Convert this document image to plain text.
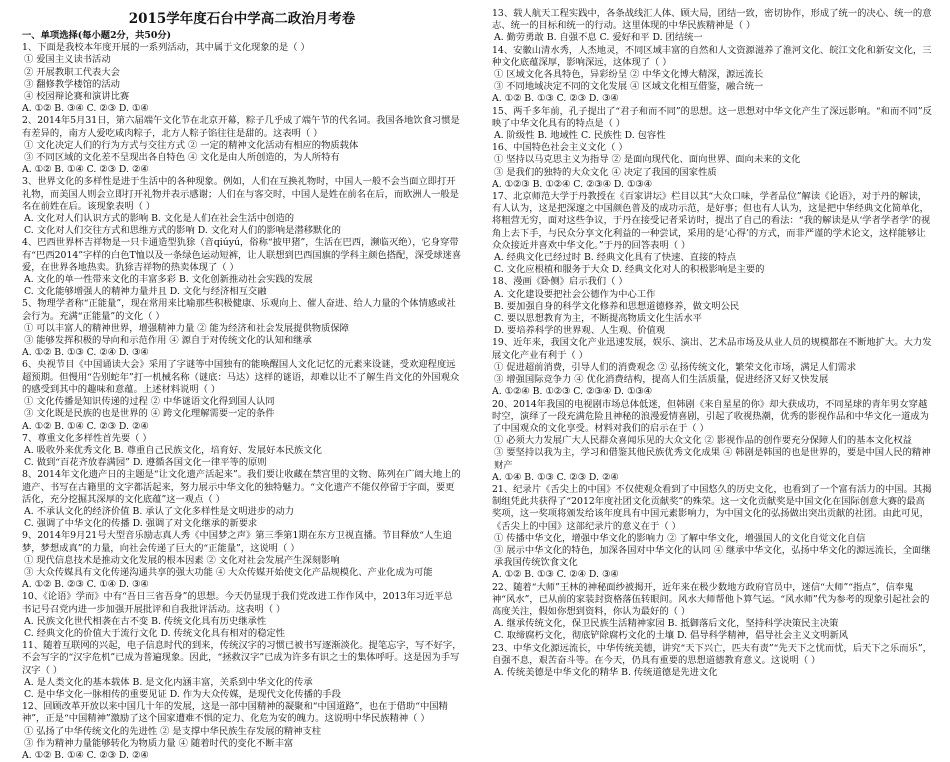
2015学年度石台中学高二政治月考卷
一、单项选择(每小题2分，共50分)
1、下面是我校本年度开展的一系列活动，其中属于文化现象的是（ ）
① 爱国主义读书活动
② 开展教职工代表大会
③ 翻修教学楼馆的活动
④ 校园辩论赛和演讲比赛
A. ①② B. ③④ C. ②③ D. ①④
2、2014年5月31日，第六届端午文化节在北京开幕，粽子几乎成了端午节的代名词。我国各地饮食习惯是有差异的，南方人爱吃咸肉粽子，北方人粽子馅往往是甜的。这表明（ ）
① 文化决定人们的行为方式与交往方式 ② 一定的精神文化活动有相应的物质载体
③ 不同区域的文化差不呈现出各自特色 ④ 文化是由人所创造的，为人所特有
A. ①② B. ①④ C. ②③ D. ②④
3、世界文化的多样性是进于生活中的各种现象。例如，人们在互换礼物时，中国人一般不会当面立即打开礼物，而美国人则会立即打开礼物并表示感谢；人们在与客交时，中国人是姓在前名在后，而欧洲人一般是名在前姓在后。该现象表明（ ）
A. 文化对人们认识方式的影响 B. 文化是人们在社会生活中创造的
C. 文化对人们交往方式和思维方式的影响 D. 文化对人们的影响是潜移默化的
4、巴西世界杯吉祥物是一只卡通造型犰狳（音qiúyú，俗称“披甲猪”，生活在巴西，濒临灭绝），它身穿带有“巴西2014”字样的白色T恤以及一条绿色运动短裤，让人联想到巴西国旗的学科主颜色搭配，深受球迷喜爱，在世界各地热卖。犰狳吉祥物的热卖体现了（ ）
A. 文化的单一性带来文化的丰富多彩 B. 文化创新推动社会实践的发展
C. 文化能够增强人的精神力量并且 D. 文化与经济相互交融
5、物理学者称“正能量”，现在常用来比喻那些积极健康、乐观向上、催人奋进、给人力量的个体情感或社会行为。充满“正能量”的文化（ ）
① 可以丰富人的精神世界，增强精神力量 ② 能为经济和社会发展提供物质保障
③ 能够发挥积极的导向和示范作用 ④ 源自于对传统文化的认知和继承
A. ①② B. ①③ C. ②④ D. ③④
6、央视节目《中国诵读大会》采用了字谜等中国独有的能唤醒国人文化记忆的元素来设谜，受欢迎程度远超预期。但慢用“告别蛇年”打一机械名称（谜底：马达）这样的谜语，却难以让不了解生肖文化的外国观众的感受到其中的趣味和意蕴。上述材料说明（ ）
① 文化传播是知识传递的过程 ② 中华谜语文化得到国人认同
③ 文化既是民族的也是世界的 ④ 跨文化理解需要一定的条件
A. ①② B. ①④ C. ②③ D. ②④
7、尊重文化多样性首先要（ ）
A. 吸收外来优秀文化 B. 尊重自己民族文化，培育好、发展好本民族文化
C. 做到“百花齐放春满园” D. 遵循各国文化一律平等的原则
8、2014年文化遗产日的主题是“让文化遗产活起来”。我们要让收藏在禁宫里的文物、陈列在广阔大地上的遗产、书写在古籍里的文字都活起来，努力展示中华文化的独特魅力。“文化遗产不能仅停留于字面，要更活化，充分挖掘其深厚的文化底蕴”这一观点（ ）
A. 不承认文化的经济价值 B. 承认了文化多样性是文明进步的动力
C. 强调了中华文化的传播 D. 强调了对文化继承的新要求
9、2014年9月21号大型音乐励志真人秀《中国梦之声》第三季第1期在东方卫视直播。节目释放“人生追梦，梦想成真”的力量，向社会传递了巨大的“正能量”，这说明（ ）
① 现代信息技术是推动文化发展的根本因素 ② 文化对社会发展产生深刻影响
③ 大众传媒具有文化传递沟通共享的强大功能 ④ 大众传媒开始使文化产品规模化、产业化成为可能
A. ①② B. ②③ C. ①④ D. ③④
10、《论语》学而》中有“吾日三省吾身”的思想。今天仍显现于我们党改进工作作风中，2013年习近平总书记号召党内进一步加强开展批评和自我批评活动。这表明（ ）
A. 民族文化世代相袭在古不变 B. 传统文化具有历史继承性
C. 经典文化的价值大于流行文化 D. 传统文化具有相对的稳定性
11、随着互联网的兴起，电子信息时代的到来，传统汉字的习惯已被书写逐渐淡化。提笔忘字，写不好字，不会写字的“汉字危机”已成为普遍现象。因此，“拯救汉字”已成为许多有识之士的集体呼吁。这是因为手写汉字（ ）
A. 是人类文化的基本载体 B. 是文化内涵丰富，关系到中华文化的传承
C. 是中华文化一脉相传的重要见证 D. 作为大众传媒，是现代文化传播的手段
12、回顾改革开放以来中国几十年的发展，这是一部中国精神的凝聚和“中国道路”，也在于借助“中国精神”，正是“中国精神”激励了这个国家遭难不惧的定力、化危为安的魄力。这说明中华民族精神（ ）
① 弘扬了中华传统文化的先进性 ② 是支撑中华民族生存发展的精神支柱
③ 作为精神力量能够转化为物质力量 ④ 随着时代的变化不断丰富
A. ①② B. ①④ C. ②③ D. ②④
13、载人航天工程实践中，各条战线汇人体、顾大局，团结一致，密切协作，形成了统一的决心、统一的意志、统一的目标和统一的行动。这里体现的中华民族精神是（ ）
A. 勤劳勇敢 B. 自强不息 C. 爱好和平 D. 团结统一
14、安徽山清水秀，人杰地灵，不同区域丰富的自然和人文资源滋养了淮河文化、皖江文化和新安文化，三种文化底蕴深厚，影响深远，这体现了（ ）
① 区域文化各具特色，异彩纷呈 ② 中华文化博大精深，源远流长
③ 不同地域决定不同的文化发展 ④ 区域文化相互借鉴，融合统一
A. ①② B. ①③ C. ②③ D. ③④
15、两千多年前，孔子提出了“君子和而不同”的思想。这一思想对中华文化产生了深远影响。“和而不同”反映了中华文化具有的特点是（ ）
A. 阶级性 B. 地域性 C. 民族性 D. 包容性
16、中国特色社会主义文化（ ）
① 坚持以马克思主义为指导 ② 是面向现代化、面向世界、面向未来的文化
③ 是我们的独特的大众文化 ④ 决定了我国的国家性质
A. ①②③ B. ①②④ C. ②③④ D. ①③④
17、北京师范大学于丹教授在《百家讲坛》栏目以其“大众口味，学者品位”解读《论语》，对于丹的解读，有人认为，这是把深邃之中国颜色普及的成功示范，是好事；但也有人认为，这是把中华经典文化简单化，将粗营无穷，面对这些争议，于丹在接受记者采访时，提出了自己的看法：“我的解读是从‘学者学者学’的视角上去下手，与民众分享文化利益的一种尝试，采用的是‘心得’的方式，而非严谨的学术论文，这样能够让众众接近并喜欢中华文化。”于丹的回答表明（ ）
A. 经典文化已经过时 B. 经典文化具有了快速、直接的特点
C. 文化应根植和服务于大众 D. 经典文化对人的积极影响是主要的
18、漫画《卧侧》启示我们（ ）
A. 文化建设要把社会公德作为中心工作
B. 要加强自身的科学文化修养和思想道德修养，做文明公民
C. 要以思想教育为主，不断提高物质文化生活水平
D. 要培养科学的世界观、人生观、价值观
19、近年来，我国文化产业迅速发展，娱乐、演出、艺术品市场及从业人员的规模都在不断地扩大。大力发展文化产业有利于（ ）
① 促进超前消费，引导人们的消费观念 ② 弘扬传统文化，繁荣文化市场，满足人们需求
③ 增强国际竞争力 ④ 优化消费结构，提高人们生活质量，促进经济又好又快发展
A. ①②④ B. ①②③ C. ②③④ D. ①③④
20、2014年我国的电视剧市场总体低迷，但韩剧《来自星星的你》却大获成功，不同星球的青年男女穿越时空，演绎了一段充满危险且神秘的浪漫爱情喜剧，引起了收视热潮，优秀的影视作品和中华文化一道成为了中国观众的文化享受。材料对我们的启示在于（ ）
① 必须大力发展广大人民群众喜闻乐见的大众文化 ② 影视作品的创作要充分保障人们的基本文化权益
③ 要坚持以我为主，学习和借鉴其他民族优秀文化成果 ④ 韩剧是韩国的也是世界的，要是中国人民的精神财产
A. ①④ B. ①③ C. ②③ D. ②④
21、纪录片《舌尖上的中国》不仅使观众看到了中国悠久的历史文化，也看到了一个富有活力的中国。其揭制组凭此共获得了“2012年度社团文化贡献奖”的殊荣。这一文化贡献奖是中国文化在国际创意大赛的最高奖项，这一奖项将颁发给该年度具有中国元素影响力，为中国文化的弘扬做出突出贡献的社团。由此可见，《舌尖上的中国》这部纪录片的意义在于（ ）
① 传播中华文化，增强中华文化的影响力 ② 了解中华文化，增强国人的文化自觉文化自信
③ 展示中华文化的特色，加深各国对中华文化的认同 ④ 继承中华文化，弘扬中华文化的源远流长，全面继承我国传统饮食文化
A. ①② B. ①③ C. ②④ D. ③④
22、随着“大师”王林的神秘面纱被揭开，近年来在极少数地方政府官员中，迷信“大师”“指点”，信奉鬼神“风水”，已从前的家装封资格落伍转眼间。风水大师帮他卜算气运。“风水师”代为参考的现象引起社会的高度关注，假如你想到资料，你认为最好的（ ）
A. 继承传统文化，保卫民族生活精神家园 B. 抵御落后文化，坚持科学决策民主决策
C. 取缔腐朽文化，彻底铲除腐朽文化的土壤 D. 倡导科学精神，倡导社会主义文明新风
23、中华文化源远流长，中华传统美德，讲究“天下兴亡，匹夫有责”“先天下之忧而忧，后天下之乐而乐”，自强不息，艰苦奋斗等。在今天，仍具有重要的思想道德教育意义。这说明（ ）
A. 传统美德是中华文化的精华 B. 传统道德是先进文化
